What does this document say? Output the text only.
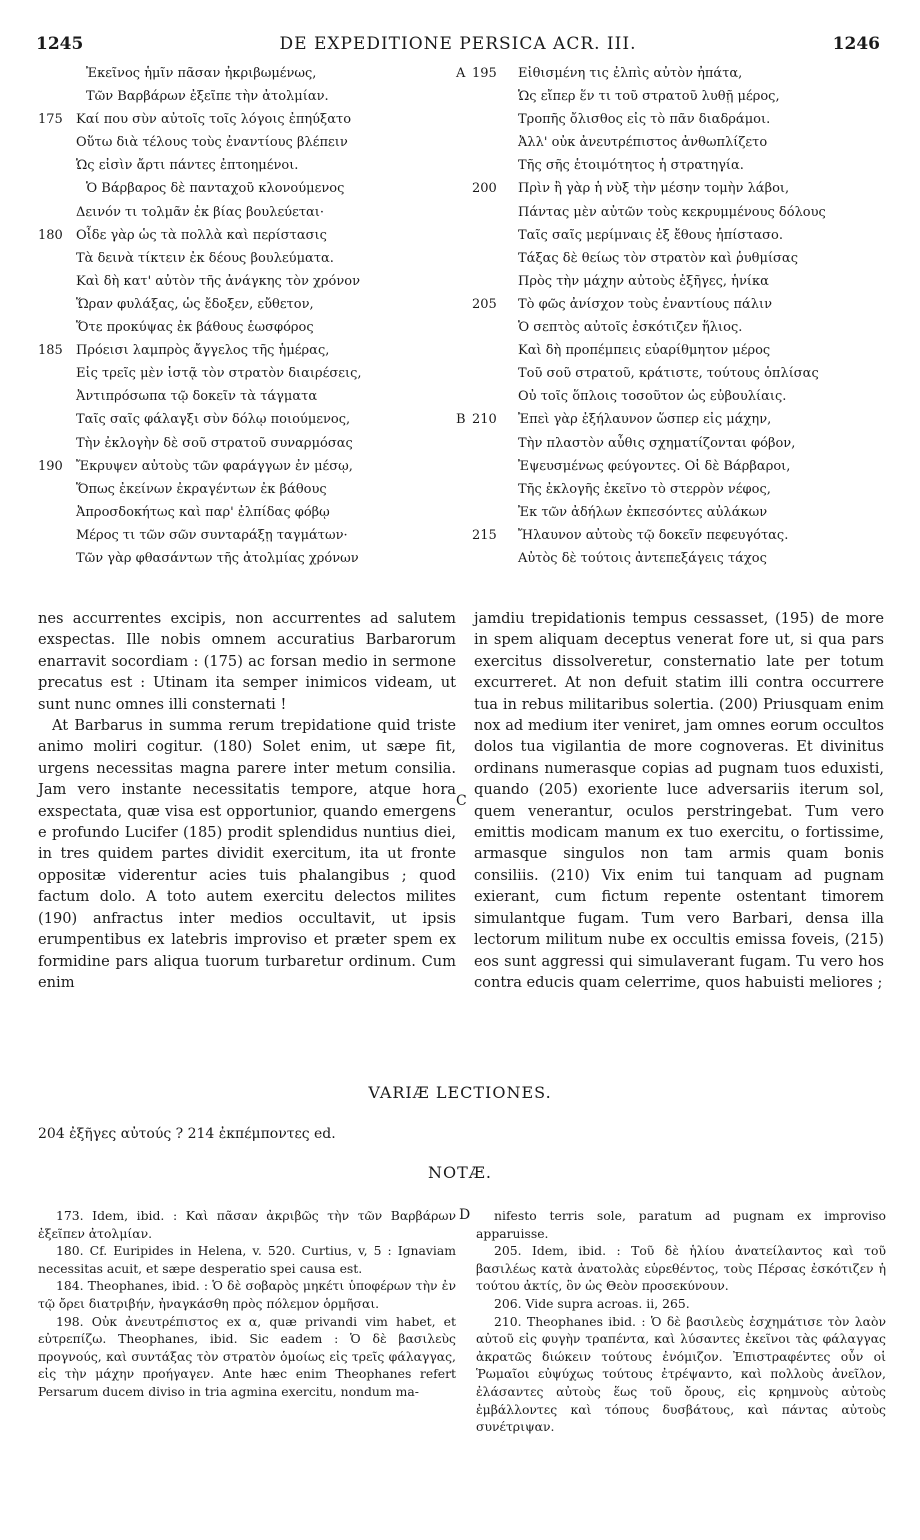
1245	DE EXPEDITIONE PERSICA ACR. III.	1246
Ἐκεῖνος ἡμῖν πᾶσαν ἠκριβωμένως,
Τῶν Βαρβάρων ἐξεῖπε τὴν ἀτολμίαν.
175	Καί που σὺν αὐτοῖς τοῖς λόγοις ἐπηύξατο
Οὕτω διὰ τέλους τοὺς ἐναντίους βλέπειν
Ὡς εἰσὶν ἄρτι πάντες ἐπτοημένοι.
Ὁ Βάρβαρος δὲ πανταχοῦ κλονούμενος
Δεινόν τι τολμᾶν ἐκ βίας βουλεύεται·
180	Οἶδε γὰρ ὡς τὰ πολλὰ καὶ περίστασις
Τὰ δεινὰ τίκτειν ἐκ δέους βουλεύματα.
Καὶ δὴ κατ' αὐτὸν τῆς ἀνάγκης τὸν χρόνον
Ὥραν φυλάξας, ὡς ἔδοξεν, εὔθετον,
Ὅτε προκύψας ἐκ βάθους ἑωσφόρος
185	Πρόεισι λαμπρὸς ἄγγελος τῆς ἡμέρας,
Εἰς τρεῖς μὲν ἱστᾷ τὸν στρατὸν διαιρέσεις,
Ἀντιπρόσωπα τῷ δοκεῖν τὰ τάγματα
Ταῖς σαῖς φάλαγξι σὺν δόλῳ ποιούμενος,
Τὴν ἐκλογὴν δὲ σοῦ στρατοῦ συναρμόσας
190	Ἔκρυψεν αὐτοὺς τῶν φαράγγων ἐν μέσῳ,
Ὅπως ἐκείνων ἐκραγέντων ἐκ βάθους
Ἀπροσδοκήτως καὶ παρ' ἐλπίδας φόβῳ
Μέρος τι τῶν σῶν συνταράξῃ ταγμάτων·
Τῶν γὰρ φθασάντων τῆς ἀτολμίας χρόνων
A 195	Εἰθισμένη τις ἐλπὶς αὐτὸν ἠπάτα,
Ὡς εἴπερ ἕν τι τοῦ στρατοῦ λυθῇ μέρος,
Τροπῆς ὄλισθος εἰς τὸ πᾶν διαδράμοι.
Ἀλλ' οὐκ ἀνευτρέπιστος ἀνθωπλίζετο
Τῆς σῆς ἑτοιμότητος ἡ στρατηγία.
200	Πρὶν ἢ γὰρ ἡ νὺξ τὴν μέσην τομὴν λάβοι,
Πάντας μὲν αὐτῶν τοὺς κεκρυμμένους δόλους
Ταῖς σαῖς μερίμναις ἐξ ἔθους ἠπίστασο.
Τάξας δὲ θείως τὸν στρατὸν καὶ ῥυθμίσας
Πρὸς τὴν μάχην αὐτοὺς ἐξῆγες, ἡνίκα
205	Τὸ φῶς ἀνίσχον τοὺς ἐναντίους πάλιν
Ὁ σεπτὸς αὐτοῖς ἐσκότιζεν ἥλιος.
Καὶ δὴ προπέμπεις εὐαρίθμητον μέρος
Τοῦ σοῦ στρατοῦ, κράτιστε, τούτους ὁπλίσας
Οὐ τοῖς ὅπλοις τοσοῦτον ὡς εὐβουλίαις.
B 210	Ἐπεὶ γὰρ ἐξήλαυνον ὥσπερ εἰς μάχην,
Τὴν πλαστὸν αὖθις σχηματίζονται φόβον,
Ἐψευσμένως φεύγοντες. Οἱ δὲ Βάρβαροι,
Τῆς ἐκλογῆς ἐκεῖνο τὸ στερρὸν νέφος,
Ἐκ τῶν ἀδήλων ἐκπεσόντες αὐλάκων
215	Ἤλαυνον αὐτοὺς τῷ δοκεῖν πεφευγότας.
Αὐτὸς δὲ τούτοις ἀντεπεξάγεις τάχος

nes accurrentes excipis, non accurrentes ad salutem exspectas. Ille nobis omnem accuratius Barbarorum enarravit socordiam : (175) ac forsan medio in sermone precatus est : Utinam ita semper inimicos videam, ut sunt nunc omnes illi consternati !

At Barbarus in summa rerum trepidatione quid triste animo moliri cogitur. (180) Solet enim, ut sæpe fit, urgens necessitas magna parere inter metum consilia. Jam vero instante necessitatis tempore, atque hora exspectata, quæ visa est opportunior, quando emergens e profundo Lucifer (185) prodit splendidus nuntius diei, in tres quidem partes dividit exercitum, ita ut fronte oppositæ viderentur acies tuis phalangibus ; quod factum dolo. A toto autem exercitu delectos milites (190) anfractus inter medios occultavit, ut ipsis erumpentibus ex latebris improviso et præter spem ex formidine pars aliqua tuorum turbaretur ordinum. Cum enim

C

jamdiu trepidationis tempus cessasset, (195) de more in spem aliquam deceptus venerat fore ut, si qua pars exercitus dissolveretur, consternatio late per totum excurreret. At non defuit statim illi contra occurrere tua in rebus militaribus solertia. (200) Priusquam enim nox ad medium iter veniret, jam omnes eorum occultos dolos tua vigilantia de more cognoveras. Et divinitus ordinans numerasque copias ad pugnam tuos eduxisti, quando (205) exoriente luce adversariis iterum sol, quem venerantur, oculos perstringebat. Tum vero emittis modicam manum ex tuo exercitu, o fortissime, armasque singulos non tam armis quam bonis consiliis. (210) Vix enim tui tanquam ad pugnam exierant, cum fictum repente ostentant timorem simulantque fugam. Tum vero Barbari, densa illa lectorum militum nube ex occultis emissa foveis, (215) eos sunt aggressi qui simulaverant fugam. Tu vero hos contra educis quam celerrime, quos habuisti meliores ;

VARIÆ LECTIONES.
204 ἐξῆγες αὐτούς ? 214 ἐκπέμποντες ed.
NOTÆ.

173. Idem, ibid. : Καὶ πᾶσαν ἀκριβῶς τὴν τῶν Βαρβάρων ἐξεῖπεν ἀτολμίαν.

180. Cf. Euripides in Helena, v. 520. Curtius, v, 5 : Ignaviam necessitas acuit, et sæpe desperatio spei causa est.

184. Theophanes, ibid. : Ὁ δὲ σοβαρὸς μηκέτι ὑποφέρων τὴν ἐν τῷ ὄρει διατριβήν, ἠναγκάσθη πρὸς πόλεμον ὁρμῆσαι.

198. Οὐκ ἀνευτρέπιστος ex α, quæ privandi vim habet, et εὐτρεπίζω. Theophanes, ibid. Sic eadem : Ὁ δὲ βασιλεὺς προγνούς, καὶ συντάξας τὸν στρατὸν ὁμοίως εἰς τρεῖς φάλαγγας, εἰς τὴν μάχην προήγαγεν. Ante hæc enim Theophanes refert Persarum ducem diviso in tria agmina exercitu, nondum ma-

D	nifesto terris sole, paratum ad pugnam ex improviso apparuisse.

205. Idem, ibid. : Τοῦ δὲ ἡλίου ἀνατείλαντος καὶ τοῦ βασιλέως κατὰ ἀνατολὰς εὑρεθέντος, τοὺς Πέρσας ἐσκότιζεν ἡ τούτου ἀκτίς, ὃν ὡς Θεὸν προσεκύνουν.

206. Vide supra acroas. ii, 265.

210. Theophanes ibid. : Ὁ δὲ βασιλεὺς ἐσχημάτισε τὸν λαὸν αὐτοῦ εἰς φυγὴν τραπέντα, καὶ λύσαντες ἐκεῖνοι τὰς φάλαγγας ἀκρατῶς διώκειν τούτους ἐνόμιζον. Ἐπιστραφέντες οὖν οἱ Ῥωμαῖοι εὐψύχως τούτους ἐτρέψαντο, καὶ πολλοὺς ἀνεῖλον, ἐλάσαντες αὐτοὺς ἕως τοῦ ὄρους, εἰς κρημνοὺς αὐτοὺς ἐμβάλλοντες καὶ τόπους δυσβάτους, καὶ πάντας αὐτοὺς συνέτριψαν.
